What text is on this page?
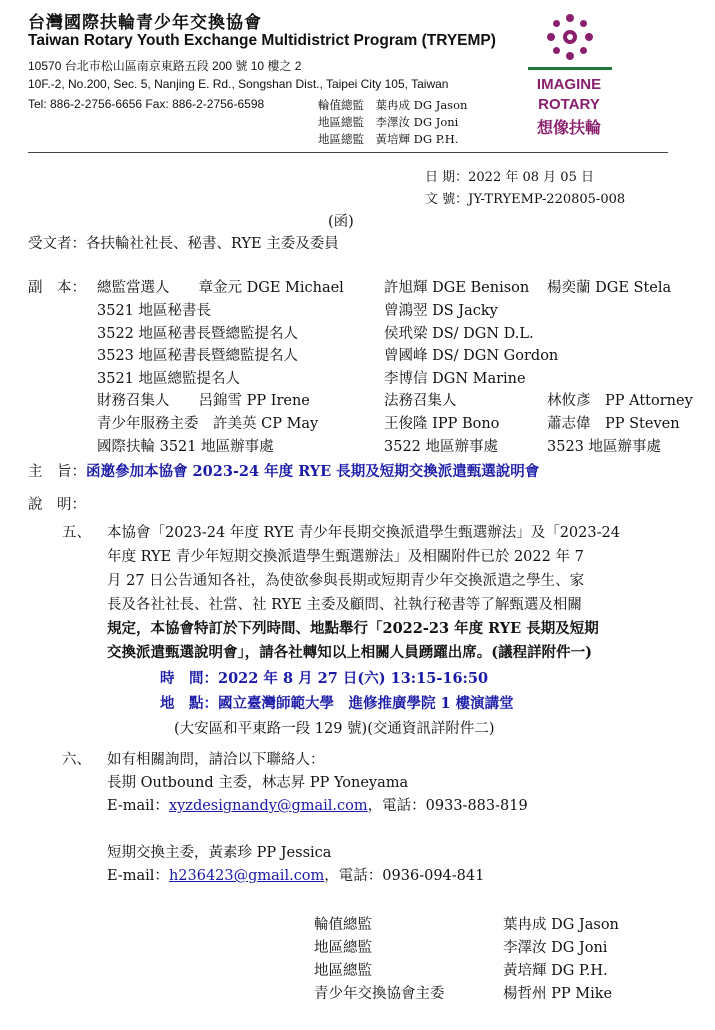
台灣國際扶輪青少年交換協會
Taiwan Rotary Youth Exchange Multidistrict Program (TRYEMP)
10570 台北市松山區南京東路五段 200 號 10 樓之 2
10F.-2, No.200, Sec. 5, Nanjing E. Rd., Songshan Dist., Taipei City 105, Taiwan
Tel: 886-2-2756-6656 Fax: 886-2-2756-6598	輪值總監　 葉冉成 DG Jason
地區總監　 李澤汝 DG Joni
地區總監　 黃培輝 DG P.H.
IMAGINE
ROTARY
想像扶輪
日 期：2022 年 08 月 05 日
文 號：JY-TRYEMP-220805-008
(函)
受文者：各扶輪社社長、秘書、RYE 主委及委員
副　本： 總監當選人　　章金元 DGE Michael	許旭輝 DGE Benison 楊奕蘭 DGE Stela
3521 地區秘書長	曾鴻翌 DS Jacky
3522 地區秘書長暨總監提名人	侯玳梁 DS/ DGN D.L.
3523 地區秘書長暨總監提名人	曾國峰 DS/ DGN Gordon
3521 地區總監提名人	李博信 DGN Marine
財務召集人　　呂錦雪 PP Irene	法務召集人	林攸彥　PP Attorney
青少年服務主委　許美英 CP May	王俊隆 IPP Bono	蕭志偉　PP Steven
國際扶輪 3521 地區辦事處	3522 地區辦事處	3523 地區辦事處
主　旨：函邀參加本協會 2023-24 年度 RYE 長期及短期交換派遣甄選說明會
說　明：
五、 本協會「2023-24 年度 RYE 青少年長期交換派遣學生甄選辦法」及「2023-24
年度 RYE 青少年短期交換派遣學生甄選辦法」及相關附件已於 2022 年 7
月 27 日公告通知各社，為使欲參與長期或短期青少年交換派遣之學生、家
長及各社社長、社當、社 RYE 主委及顧問、社執行秘書等了解甄選及相關
規定，本協會特訂於下列時間、地點舉行「2022-23 年度 RYE 長期及短期
交換派遣甄選說明會」，請各社轉知以上相關人員踴躍出席。(議程詳附件一)
時　間：2022 年 8 月 27 日(六) 13:15-16:50
地　點：國立臺灣師範大學　進修推廣學院 1 樓演講堂
(大安區和平東路一段 129 號)(交通資訊詳附件二)
六、 如有相關詢問，請洽以下聯絡人：
長期 Outbound 主委，林志昇 PP Yoneyama
E-mail：xyzdesignandy@gmail.com，電話：0933-883-819
短期交換主委，黃素珍 PP Jessica
E-mail：h236423@gmail.com，電話：0936-094-841
輪值總監	葉冉成 DG Jason
地區總監	李澤汝 DG Joni
地區總監	黃培輝 DG P.H.
青少年交換協會主委	楊哲州 PP Mike
